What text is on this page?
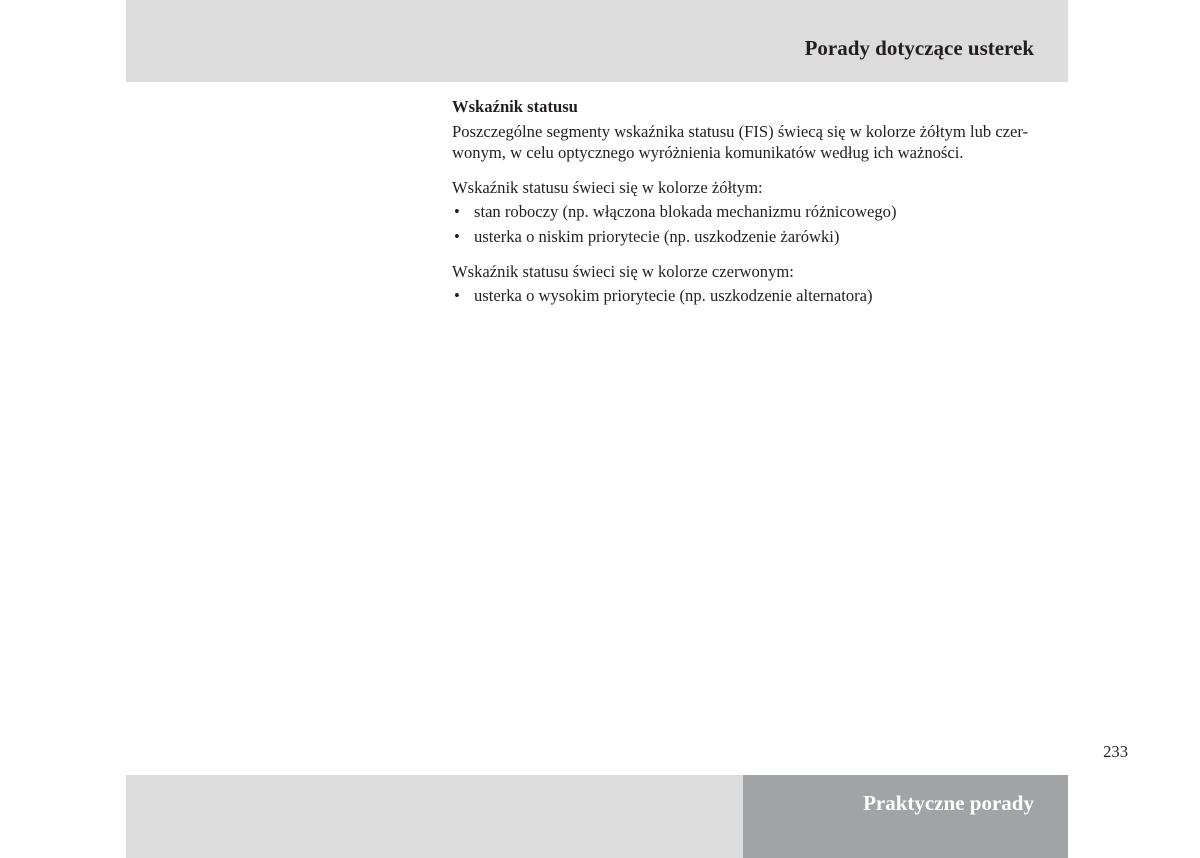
Porady dotyczące usterek
Wskaźnik statusu

Poszczególne segmenty wskaźnika statusu (FIS) świecą się w kolorze żółtym lub czer-
wonym, w celu optycznego wyróżnienia komunikatów według ich ważności.

Wskaźnik statusu świeci się w kolorze żółtym:

• stan roboczy (np. włączona blokada mechanizmu różnicowego)
• usterka o niskim priorytecie (np. uszkodzenie żarówki)

Wskaźnik statusu świeci się w kolorze czerwonym:

• usterka o wysokim priorytecie (np. uszkodzenie alternatora)
233
Praktyczne porady
